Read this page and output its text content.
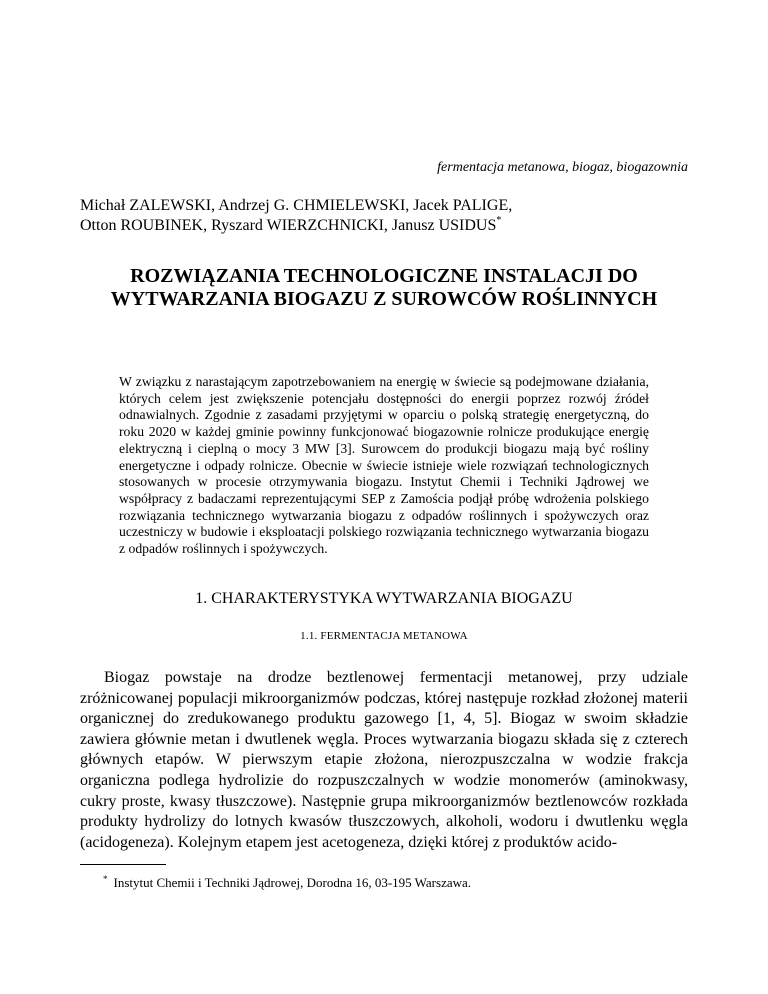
fermentacja metanowa, biogaz, biogazownia
Michał ZALEWSKI, Andrzej G. CHMIELEWSKI, Jacek PALIGE,
Otton ROUBINEK, Ryszard WIERZCHNICKI, Janusz USIDUS*
ROZWIĄZANIA TECHNOLOGICZNE INSTALACJI DO
WYTWARZANIA BIOGAZU Z SUROWCÓW ROŚLINNYCH

W związku z narastającym zapotrzebowaniem na energię w świecie są podejmowane działania, których celem jest zwiększenie potencjału dostępności do energii poprzez rozwój źródeł odnawialnych. Zgodnie z zasadami przyjętymi w oparciu o polską strategię energetyczną, do roku 2020 w każdej gminie powinny funkcjonować biogazownie rolnicze produkujące energię elektryczną i cieplną o mocy 3 MW [3]. Surowcem do produkcji biogazu mają być rośliny energetyczne i odpady rolnicze. Obecnie w świecie istnieje wiele rozwiązań technologicznych stosowanych w procesie otrzymywania biogazu. Instytut Chemii i Techniki Jądrowej we współpracy z badaczami reprezentującymi SEP z Zamościa podjął próbę wdrożenia polskiego rozwiązania technicznego wytwarzania biogazu z odpadów roślinnych i spożywczych oraz uczestniczy w budowie i eksploatacji polskiego rozwiązania technicznego wytwarzania biogazu z odpadów roślinnych i spożywczych.

1. CHARAKTERYSTYKA WYTWARZANIA BIOGAZU
1.1. FERMENTACJA METANOWA

Biogaz powstaje na drodze beztlenowej fermentacji metanowej, przy udziale zróżnicowanej populacji mikroorganizmów podczas, której następuje rozkład złożonej materii organicznej do zredukowanego produktu gazowego [1, 4, 5]. Biogaz w swoim składzie zawiera głównie metan i dwutlenek węgla. Proces wytwarzania biogazu składa się z czterech głównych etapów. W pierwszym etapie złożona, nierozpuszczalna w wodzie frakcja organiczna podlega hydrolizie do rozpuszczalnych w wodzie monomerów (aminokwasy, cukry proste, kwasy tłuszczowe). Następnie grupa mikroorganizmów beztlenowców rozkłada produkty hydrolizy do lotnych kwasów tłuszczowych, alkoholi, wodoru i dwutlenku węgla (acidogeneza). Kolejnym etapem jest acetogeneza, dzięki której z produktów acido-

* Instytut Chemii i Techniki Jądrowej, Dorodna 16, 03-195 Warszawa.
